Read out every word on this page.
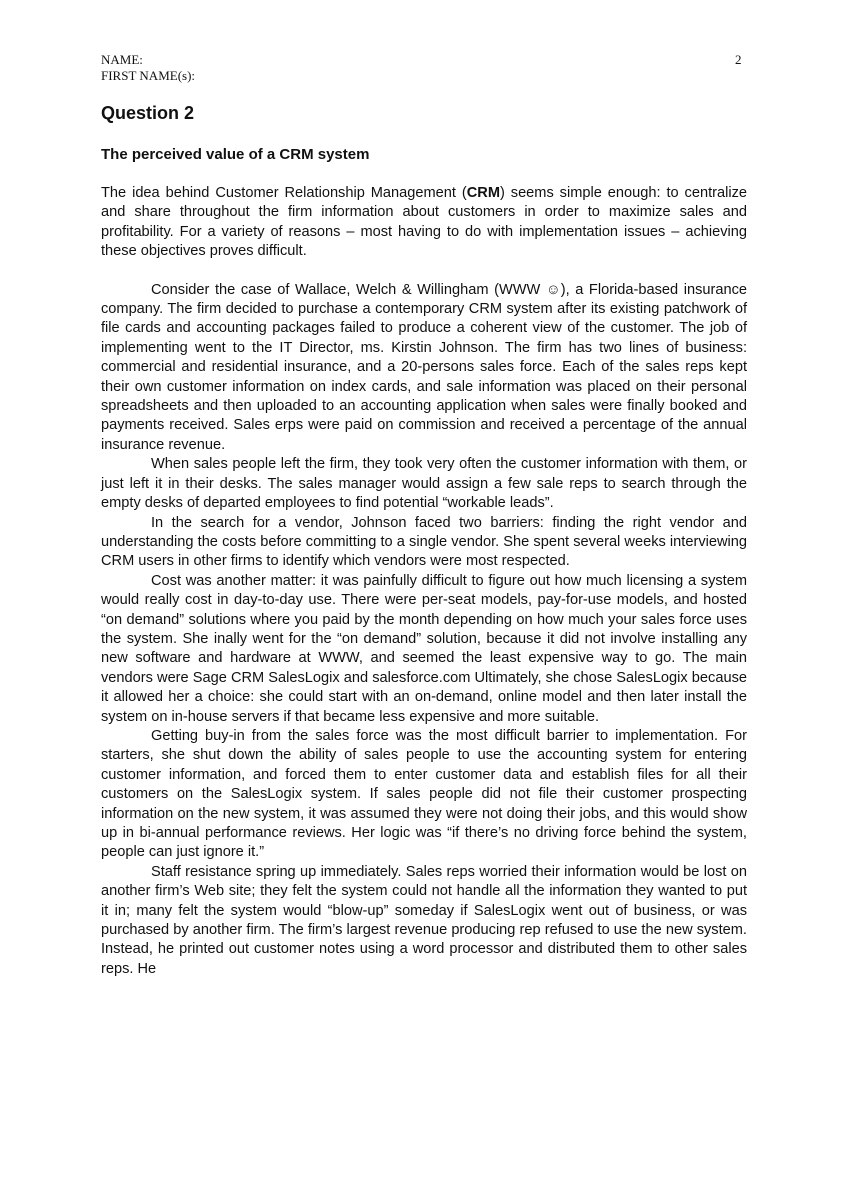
NAME:
FIRST NAME(s):
2
Question 2
The perceived value of a CRM system

The idea behind Customer Relationship Management (CRM) seems simple enough: to centralize and share throughout the firm information about customers in order to maximize sales and profitability. For a variety of reasons – most having to do with implementation issues – achieving these objectives proves difficult.

Consider the case of Wallace, Welch & Willingham (WWW ☺), a Florida-based insurance company. The firm decided to purchase a contemporary CRM system after its existing patchwork of file cards and accounting packages failed to produce a coherent view of the customer. The job of implementing went to the IT Director, ms. Kirstin Johnson. The firm has two lines of business: commercial and residential insurance, and a 20-persons sales force. Each of the sales reps kept their own customer information on index cards, and sale information was placed on their personal spreadsheets and then uploaded to an accounting application when sales were finally booked and payments received. Sales erps were paid on commission and received a percentage of the annual insurance revenue.

When sales people left the firm, they took very often the customer information with them, or just left it in their desks. The sales manager would assign a few sale reps to search through the empty desks of departed employees to find potential “workable leads”.

In the search for a vendor, Johnson faced two barriers: finding the right vendor and understanding the costs before committing to a single vendor. She spent several weeks interviewing CRM users in other firms to identify which vendors were most respected.

Cost was another matter: it was painfully difficult to figure out how much licensing a system would really cost in day-to-day use. There were per-seat models, pay-for-use models, and hosted “on demand” solutions where you paid by the month depending on how much your sales force uses the system. She inally went for the “on demand” solution, because it did not involve installing any new software and hardware at WWW, and seemed the least expensive way to go. The main vendors were Sage CRM SalesLogix and salesforce.com Ultimately, she chose SalesLogix because it allowed her a choice: she could start with an on-demand, online model and then later install the system on in-house servers if that became less expensive and more suitable.

Getting buy-in from the sales force was the most difficult barrier to implementation. For starters, she shut down the ability of sales people to use the accounting system for entering customer information, and forced them to enter customer data and establish files for all their customers on the SalesLogix system. If sales people did not file their customer prospecting information on the new system, it was assumed they were not doing their jobs, and this would show up in bi-annual performance reviews. Her logic was “if there’s no driving force behind the system, people can just ignore it.”

Staff resistance spring up immediately. Sales reps worried their information would be lost on another firm’s Web site; they felt the system could not handle all the information they wanted to put it in; many felt the system would “blow-up” someday if SalesLogix went out of business, or was purchased by another firm. The firm’s largest revenue producing rep refused to use the new system. Instead, he printed out customer notes using a word processor and distributed them to other sales reps. He
